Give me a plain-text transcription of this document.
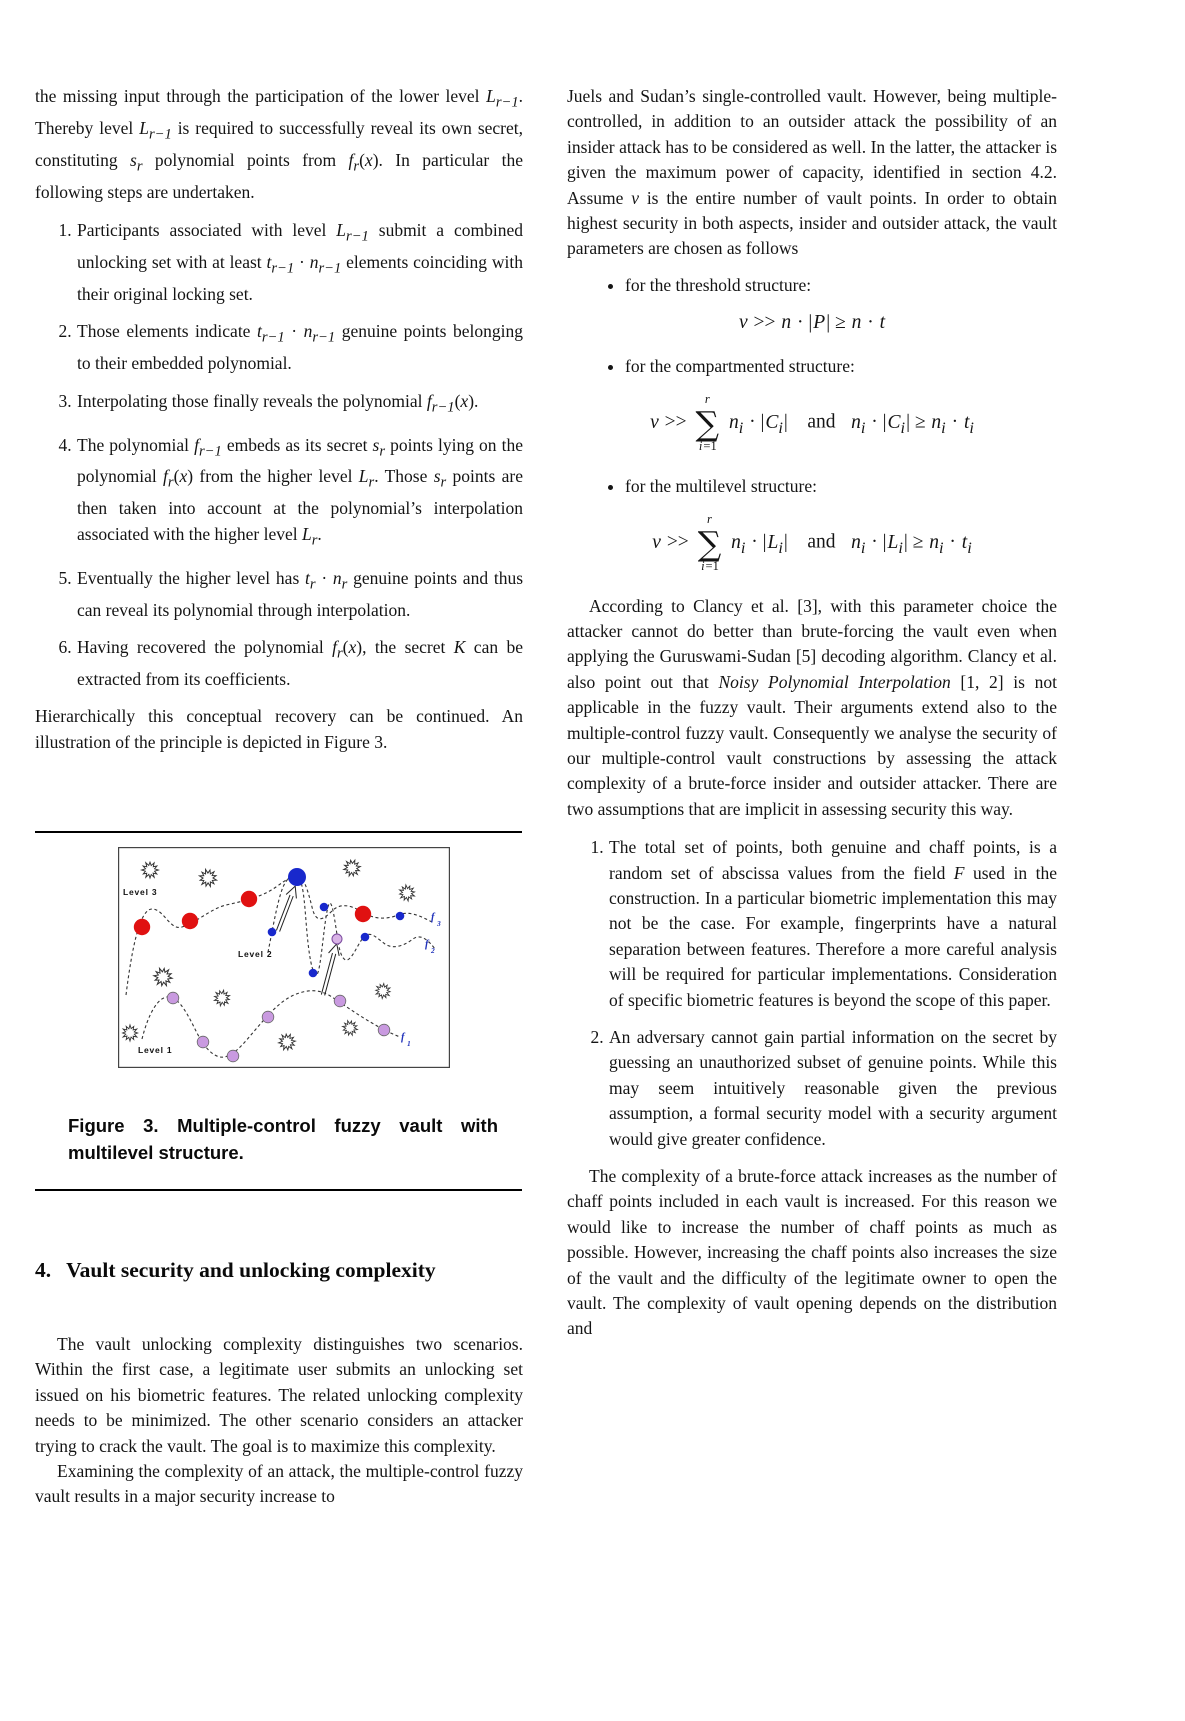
the missing input through the participation of the lower level $L_{r-1}$. Thereby level $L_{r-1}$ is required to successfully reveal its own secret, constituting $s_r$ polynomial points from $f_r(x)$. In particular the following steps are undertaken.

1. Participants associated with level $L_{r-1}$ submit a combined unlocking set with at least $t_{r-1} \cdot n_{r-1}$ elements coinciding with their original locking set.
2. Those elements indicate $t_{r-1} \cdot n_{r-1}$ genuine points belonging to their embedded polynomial.
3. Interpolating those finally reveals the polynomial $f_{r-1}(x)$.
4. The polynomial $f_{r-1}$ embeds as its secret $s_r$ points lying on the polynomial $f_r(x)$ from the higher level $L_r$. Those $s_r$ points are then taken into account at the polynomial’s interpolation associated with the higher level $L_r$.
5. Eventually the higher level has $t_r \cdot n_r$ genuine points and thus can reveal its polynomial through interpolation.
6. Having recovered the polynomial $f_r(x)$, the secret K can be extracted from its coefficients.

Hierarchically this conceptual recovery can be continued. An illustration of the principle is depicted in Figure 3.

Level 3
Level 2
Level 1
f
3
f
2
f
1
Figure 3. Multiple-control fuzzy vault with multilevel structure.
4. Vault security and unlocking complexity

The vault unlocking complexity distinguishes two scenarios. Within the first case, a legitimate user submits an unlocking set issued on his biometric features. The related unlocking complexity needs to be minimized. The other scenario considers an attacker trying to crack the vault. The goal is to maximize this complexity.

Examining the complexity of an attack, the multiple-control fuzzy vault results in a major security increase to

Juels and Sudan’s single-controlled vault. However, being multiple-controlled, in addition to an outsider attack the possibility of an insider attack has to be considered as well. In the latter, the attacker is given the maximum power of capacity, identified in section 4.2. Assume v is the entire number of vault points. In order to obtain highest security in both aspects, insider and outsider attack, the vault parameters are chosen as follows

• for the threshold structure:
v >> n · |P| ≥ n · t
• for the compartmented structure:
v >>
r
∑
i=1
$n_i \cdot |C_i|$  and  $n_i \cdot |C_i| \ge n_i \cdot t_i$
• for the multilevel structure:
v >>
r
∑
i=1
$n_i \cdot |L_i|$  and  $n_i \cdot |L_i| \ge n_i \cdot t_i$

According to Clancy et al. [3], with this parameter choice the attacker cannot do better than brute-forcing the vault even when applying the Guruswami-Sudan [5] decoding algorithm. Clancy et al. also point out that Noisy Polynomial Interpolation [1, 2] is not applicable in the fuzzy vault. Their arguments extend also to the multiple-control fuzzy vault. Consequently we analyse the security of our multiple-control vault constructions by assessing the attack complexity of a brute-force insider and outsider attacker. There are two assumptions that are implicit in assessing security this way.

1. The total set of points, both genuine and chaff points, is a random set of abscissa values from the field F used in the construction. In a particular biometric implementation this may not be the case. For example, fingerprints have a natural separation between features. Therefore a more careful analysis will be required for particular implementations. Consideration of specific biometric features is beyond the scope of this paper.
2. An adversary cannot gain partial information on the secret by guessing an unauthorized subset of genuine points. While this may seem intuitively reasonable given the previous assumption, a formal security model with a security argument would give greater confidence.

The complexity of a brute-force attack increases as the number of chaff points included in each vault is increased. For this reason we would like to increase the number of chaff points as much as possible. However, increasing the chaff points also increases the size of the vault and the difficulty of the legitimate owner to open the vault. The complexity of vault opening depends on the distribution and
